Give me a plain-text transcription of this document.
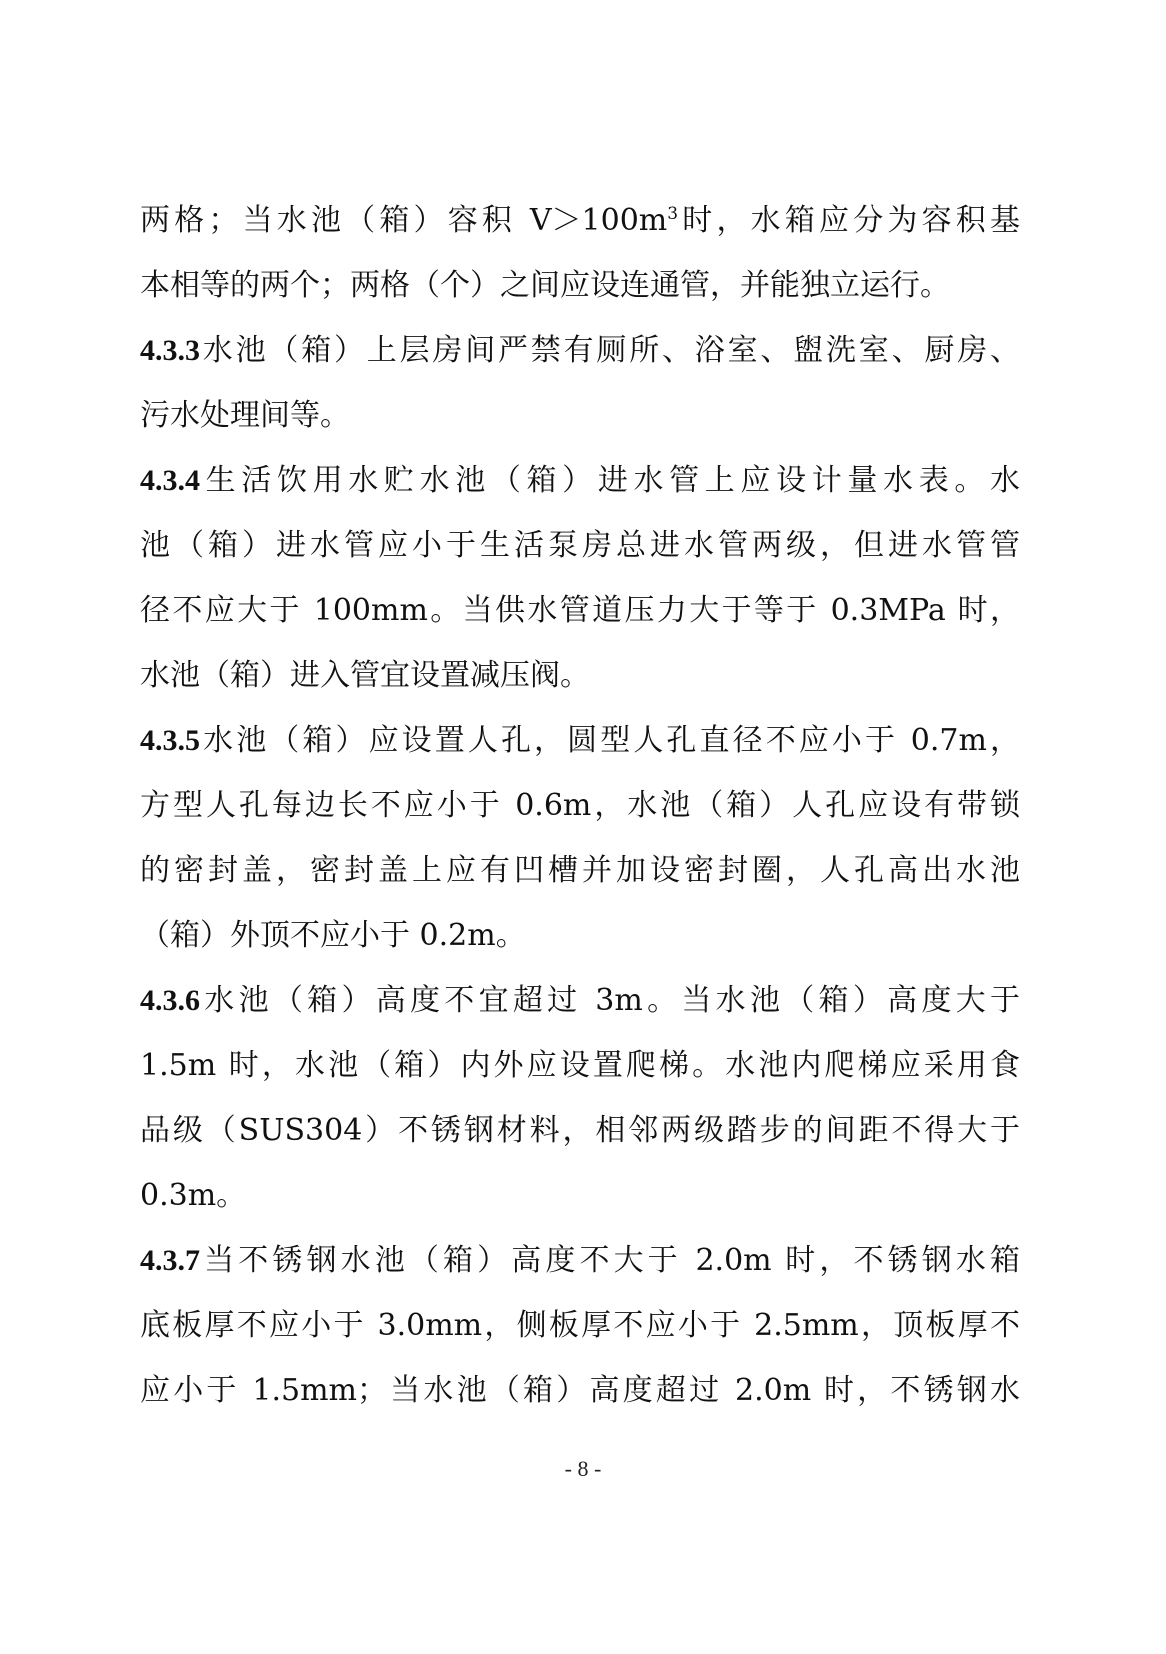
两格；当水池（箱）容积 $V>100m^3$时，水箱应分为容积基
本相等的两个；两格（个）之间应设连通管，并能独立运行。
4.3.3水池（箱）上层房间严禁有厕所、浴室、盥洗室、厨房、
污水处理间等。
4.3.4生活饮用水贮水池（箱）进水管上应设计量水表。水
池（箱）进水管应小于生活泵房总进水管两级，但进水管管
径不应大于 100mm。当供水管道压力大于等于 0.3MPa 时，
水池（箱）进入管宜设置减压阀。
4.3.5水池（箱）应设置人孔，圆型人孔直径不应小于 0.7m，
方型人孔每边长不应小于 0.6m，水池（箱）人孔应设有带锁
的密封盖，密封盖上应有凹槽并加设密封圈，人孔高出水池
（箱）外顶不应小于 0.2m。
4.3.6水池（箱）高度不宜超过 3m。当水池（箱）高度大于
1.5m 时，水池（箱）内外应设置爬梯。水池内爬梯应采用食
品级（SUS304）不锈钢材料，相邻两级踏步的间距不得大于
0.3m。
4.3.7当不锈钢水池（箱）高度不大于 2.0m 时，不锈钢水箱
底板厚不应小于 3.0mm，侧板厚不应小于 2.5mm，顶板厚不
应小于 1.5mm；当水池（箱）高度超过 2.0m 时，不锈钢水
- 8 -
